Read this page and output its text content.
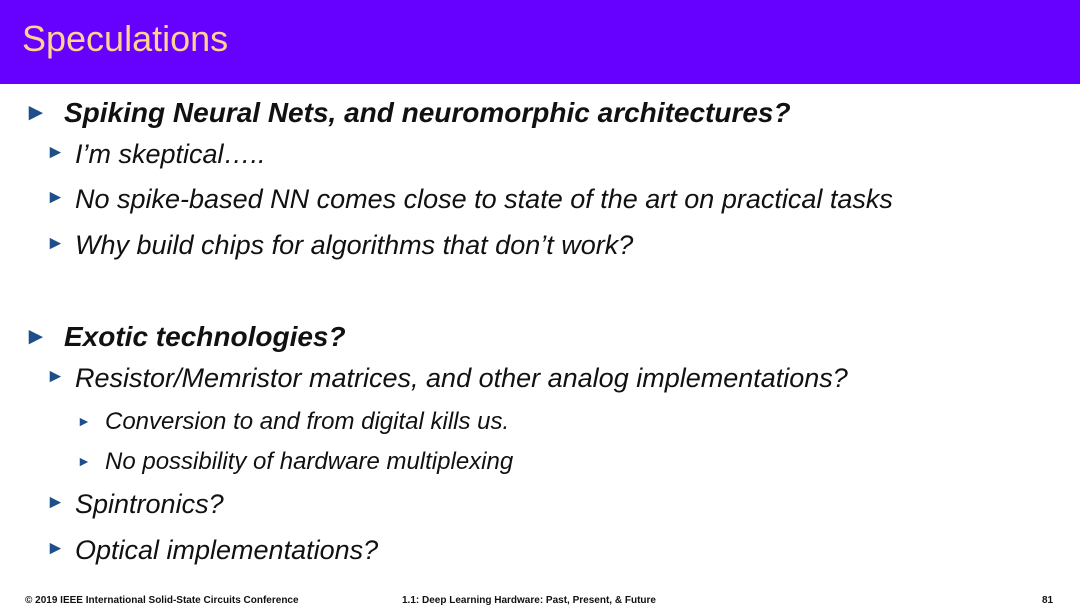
Speculations
► Spiking Neural Nets, and neuromorphic architectures?
► I’m skeptical…..
► No spike-based NN comes close to state of the art on practical tasks
► Why build chips for algorithms that don’t work?
► Exotic technologies?
► Resistor/Memristor matrices, and other analog implementations?
► Conversion to and from digital kills us.
► No possibility of hardware multiplexing
► Spintronics?
► Optical implementations?
© 2019 IEEE International Solid-State Circuits Conference	1.1: Deep Learning Hardware: Past, Present, & Future	81
